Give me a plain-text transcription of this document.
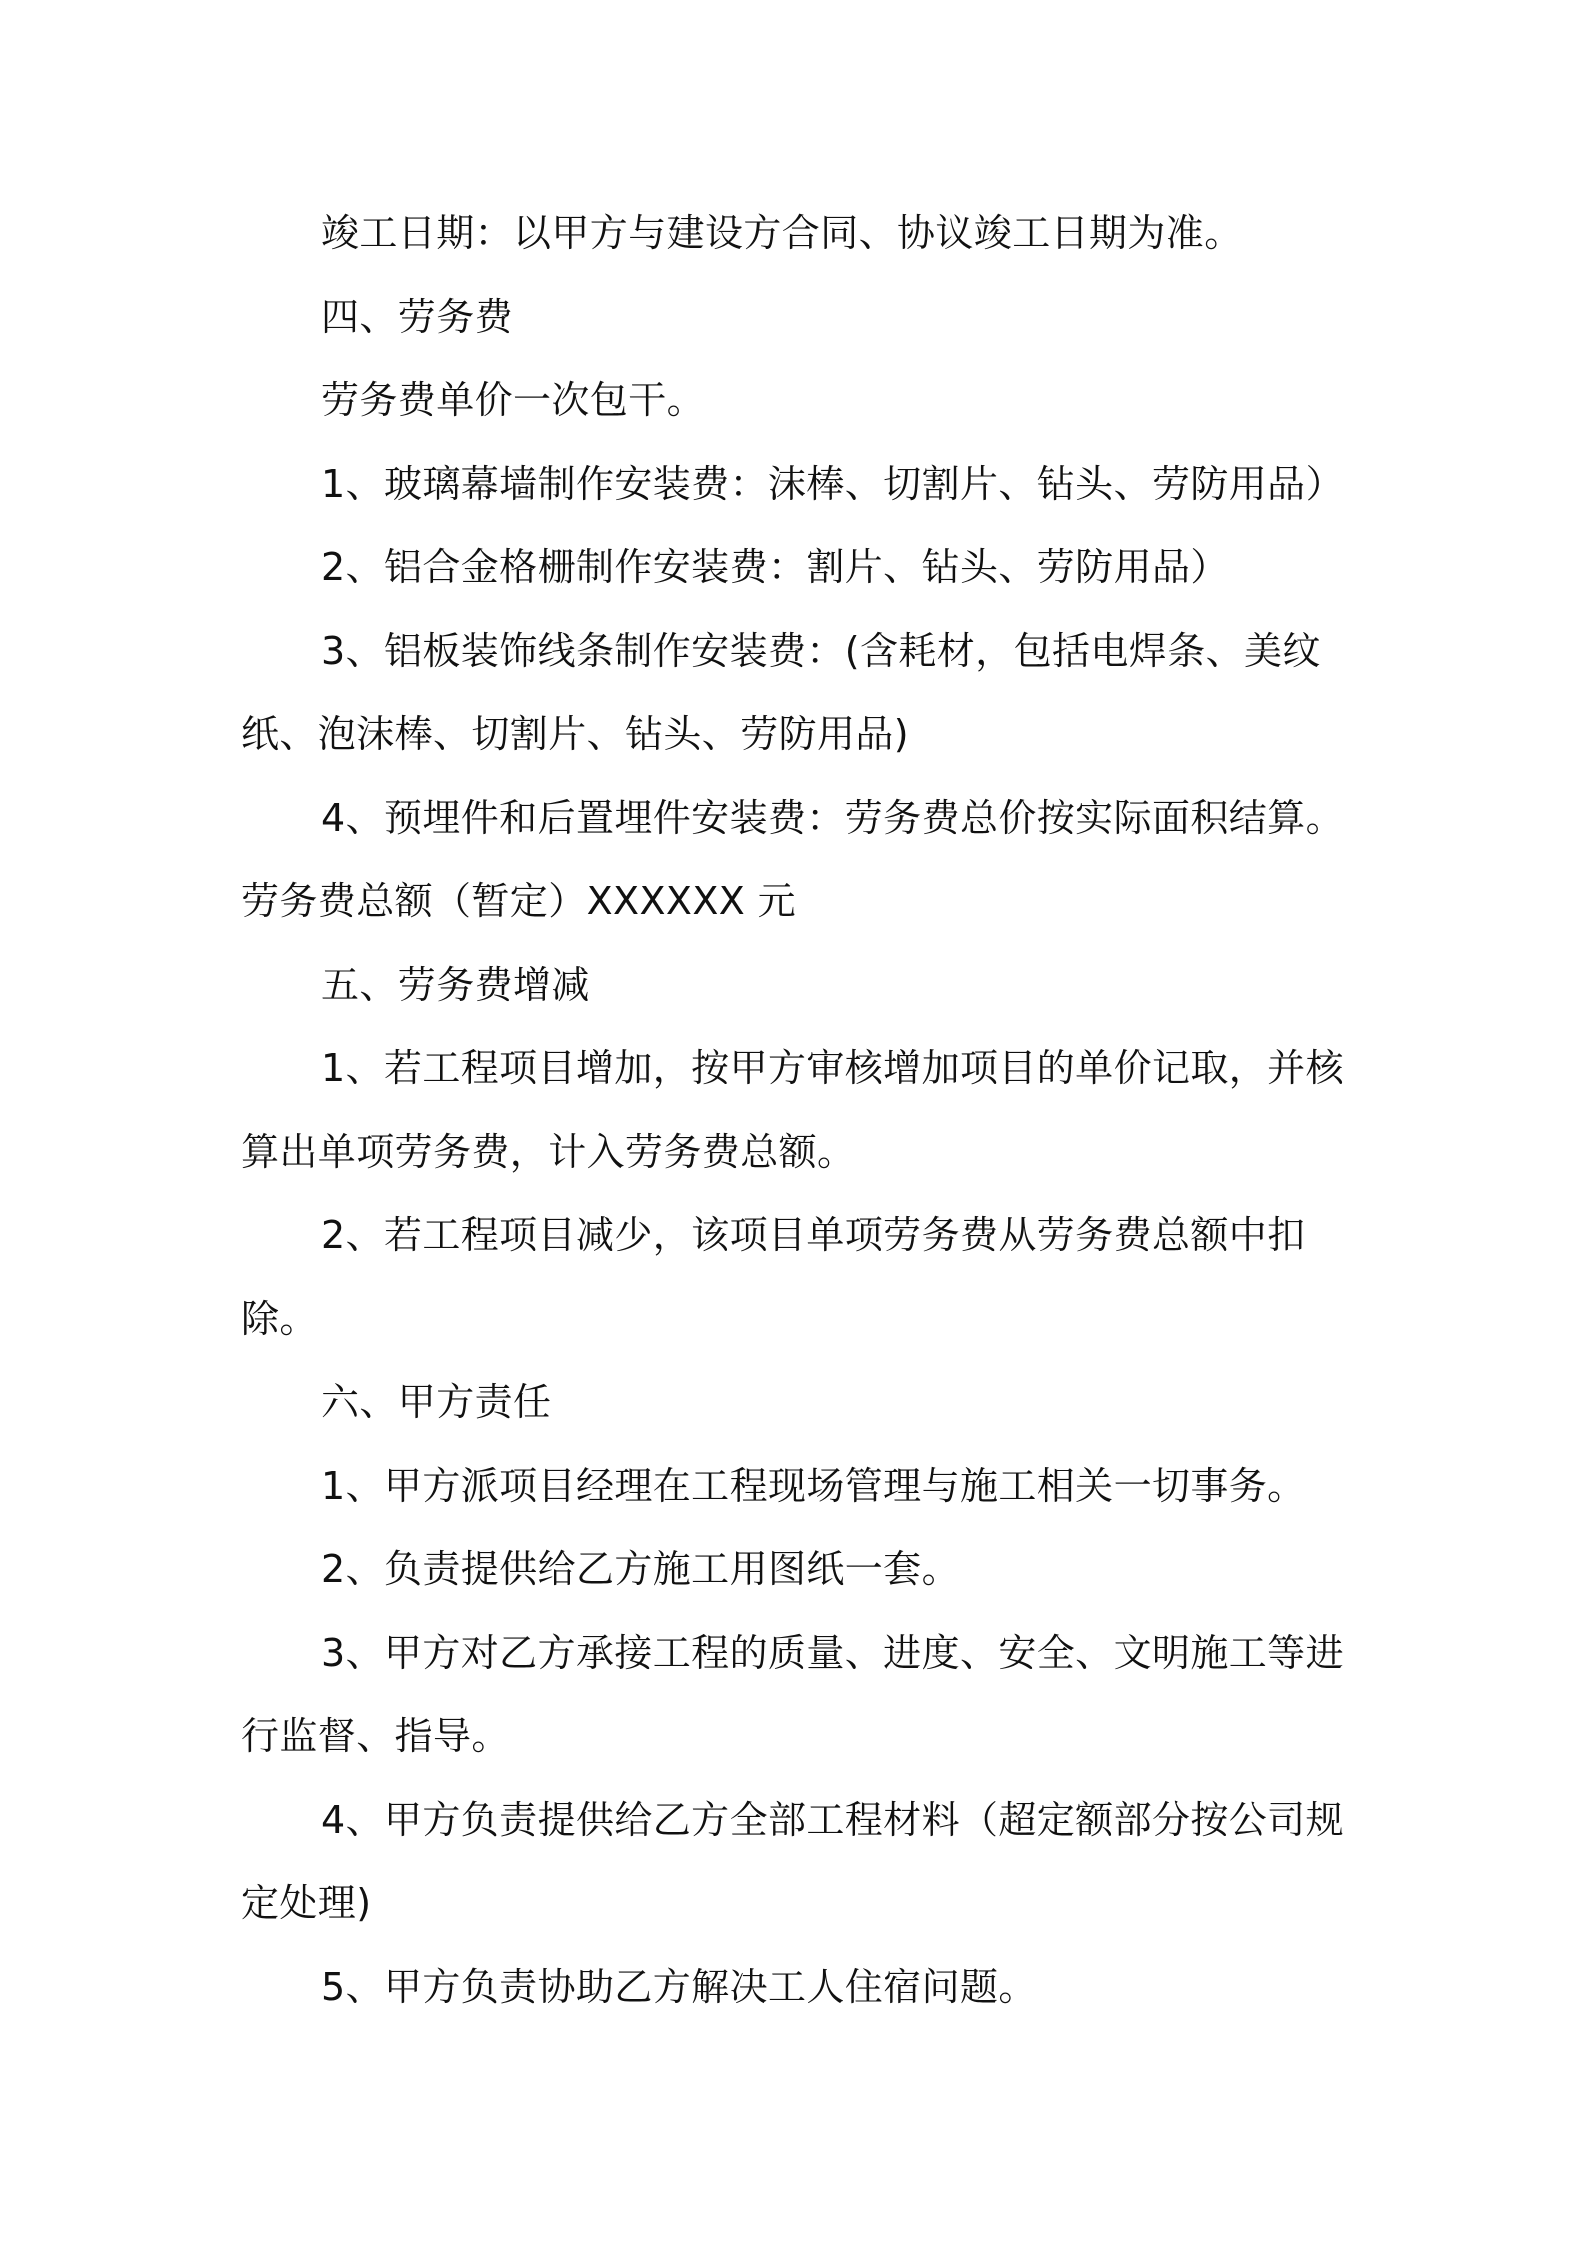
竣工日期：以甲方与建设方合同、协议竣工日期为准。

四、劳务费

劳务费单价一次包干。

1、玻璃幕墙制作安装费：沫棒、切割片、钻头、劳防用品）

2、铝合金格栅制作安装费：割片、钻头、劳防用品）

3、铝板装饰线条制作安装费：(含耗材，包括电焊条、美纹纸、泡沫棒、切割片、钻头、劳防用品)

4、预埋件和后置埋件安装费：劳务费总价按实际面积结算。

劳务费总额（暂定）XXXXXX 元

五、劳务费增减

1、若工程项目增加，按甲方审核增加项目的单价记取，并核算出单项劳务费，计入劳务费总额。

2、若工程项目减少，该项目单项劳务费从劳务费总额中扣除。

六、甲方责任

1、甲方派项目经理在工程现场管理与施工相关一切事务。

2、负责提供给乙方施工用图纸一套。

3、甲方对乙方承接工程的质量、进度、安全、文明施工等进行监督、指导。

4、甲方负责提供给乙方全部工程材料（超定额部分按公司规定处理)

5、甲方负责协助乙方解决工人住宿问题。
